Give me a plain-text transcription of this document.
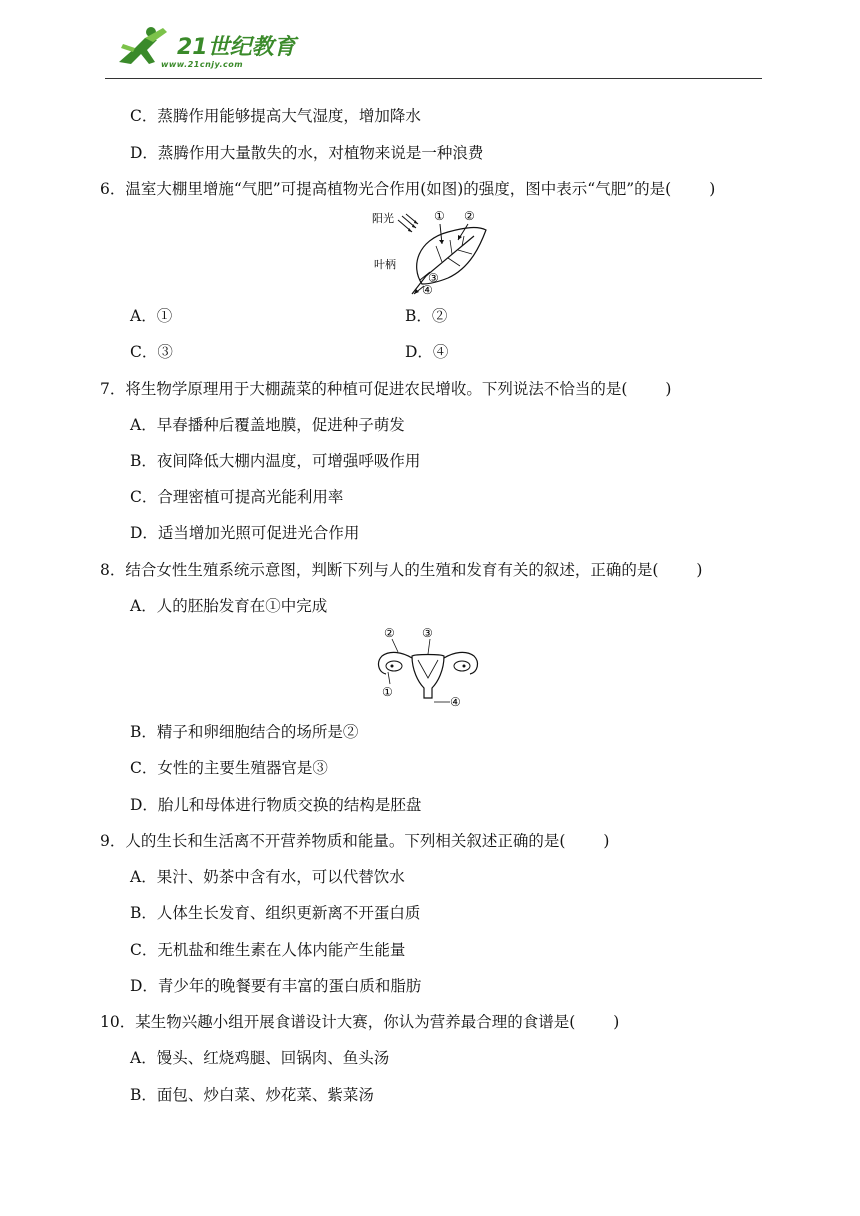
21世纪教育
www.21cnjy.com
C．蒸腾作用能够提高大气湿度，增加降水
D．蒸腾作用大量散失的水，对植物来说是一种浪费
6．温室大棚里增施“气肥”可提高植物光合作用(如图)的强度，图中表示“气肥”的是( )
阳光
叶柄
① ②
③
④
A．①	B．②
C．③	D．④
7．将生物学原理用于大棚蔬菜的种植可促进农民增收。下列说法不恰当的是( )
A．早春播种后覆盖地膜，促进种子萌发
B．夜间降低大棚内温度，可增强呼吸作用
C．合理密植可提高光能利用率
D．适当增加光照可促进光合作用
8．结合女性生殖系统示意图，判断下列与人的生殖和发育有关的叙述，正确的是( )
A．人的胚胎发育在①中完成
② ③
①
④
B．精子和卵细胞结合的场所是②
C．女性的主要生殖器官是③
D．胎儿和母体进行物质交换的结构是胚盘
9．人的生长和生活离不开营养物质和能量。下列相关叙述正确的是( )
A．果汁、奶茶中含有水，可以代替饮水
B．人体生长发育、组织更新离不开蛋白质
C．无机盐和维生素在人体内能产生能量
D．青少年的晚餐要有丰富的蛋白质和脂肪
10．某生物兴趣小组开展食谱设计大赛，你认为营养最合理的食谱是( )
A．馒头、红烧鸡腿、回锅肉、鱼头汤
B．面包、炒白菜、炒花菜、紫菜汤
